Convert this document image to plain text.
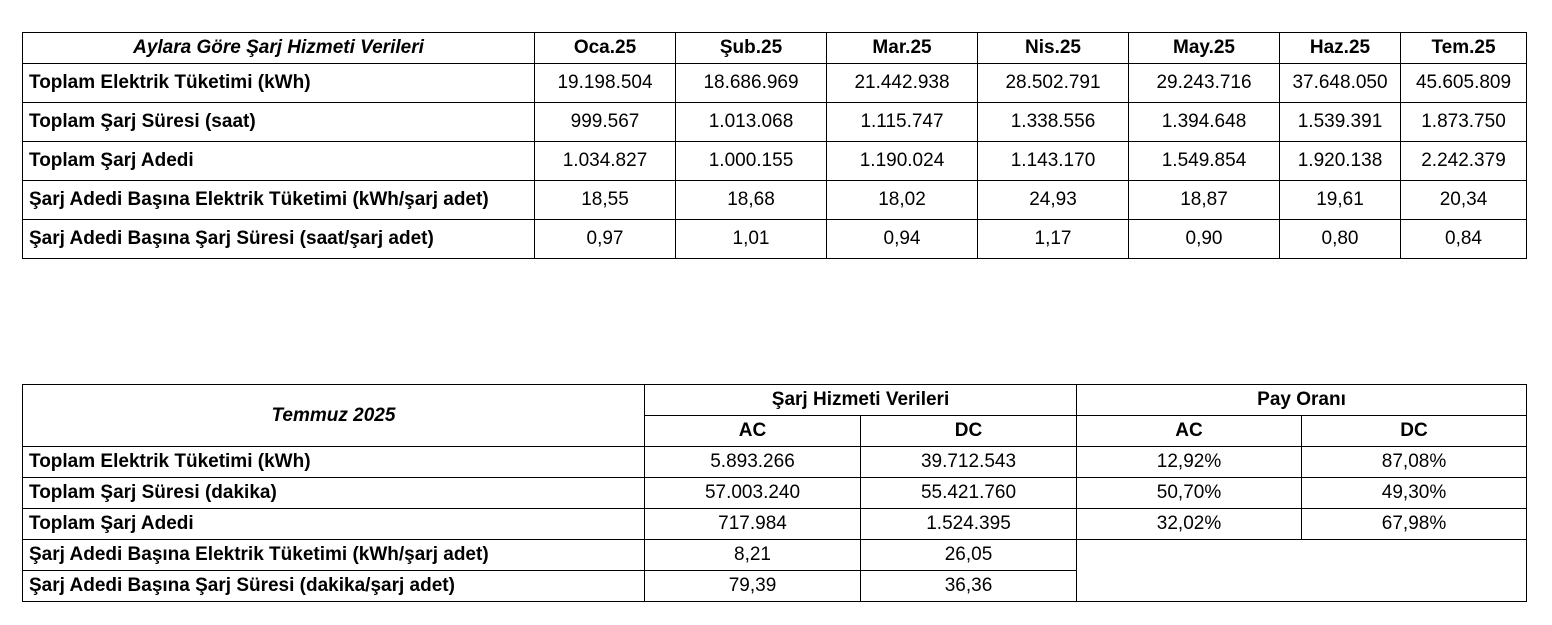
Aylara Göre Şarj Hizmeti Verileri	Oca.25	Şub.25	Mar.25	Nis.25	May.25	Haz.25	Tem.25
Toplam Elektrik Tüketimi (kWh)	19.198.504	18.686.969	21.442.938	28.502.791	29.243.716	37.648.050	45.605.809
Toplam Şarj Süresi (saat)	999.567	1.013.068	1.115.747	1.338.556	1.394.648	1.539.391	1.873.750
Toplam Şarj Adedi	1.034.827	1.000.155	1.190.024	1.143.170	1.549.854	1.920.138	2.242.379
Şarj Adedi Başına Elektrik Tüketimi (kWh/şarj adet)	18,55	18,68	18,02	24,93	18,87	19,61	20,34
Şarj Adedi Başına Şarj Süresi (saat/şarj adet)	0,97	1,01	0,94	1,17	0,90	0,80	0,84
Temmuz 2025	Şarj Hizmeti Verileri		Pay Oranı	
	AC	DC	AC	DC
Toplam Elektrik Tüketimi (kWh)	5.893.266	39.712.543	12,92%	87,08%
Toplam Şarj Süresi (dakika)	57.003.240	55.421.760	50,70%	49,30%
Toplam Şarj Adedi	717.984	1.524.395	32,02%	67,98%
Şarj Adedi Başına Elektrik Tüketimi (kWh/şarj adet)	8,21	26,05		
Şarj Adedi Başına Şarj Süresi (dakika/şarj adet)	79,39	36,36		
